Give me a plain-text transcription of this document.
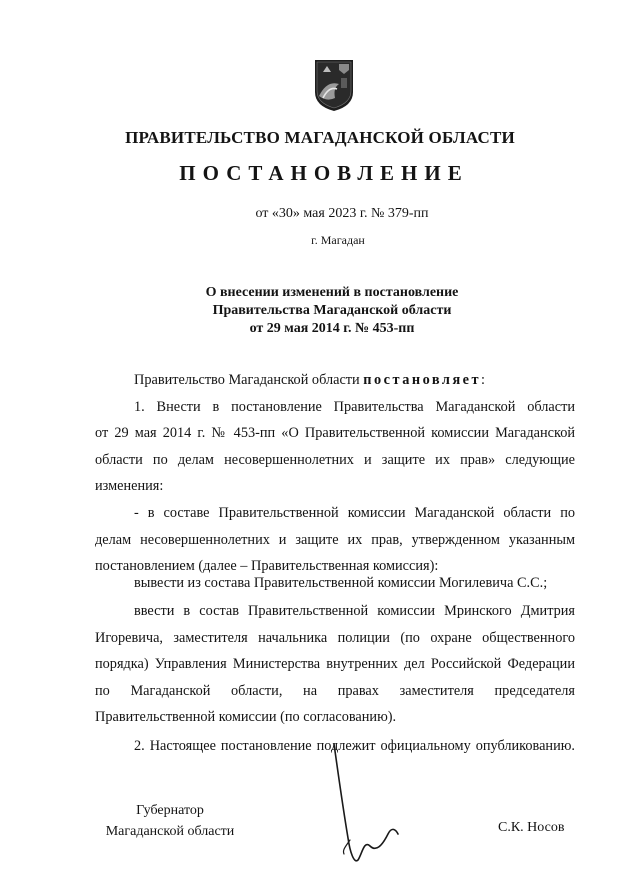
ПРАВИТЕЛЬСТВО МАГАДАНСКОЙ ОБЛАСТИ
ПОСТАНОВЛЕНИЕ
от «30» мая 2023 г. № 379-пп
г. Магадан
О внесении изменений в постановление
Правительства Магаданской области
от 29 мая 2014 г. № 453-пп

Правительство Магаданской области постановляет:

1. Внести в постановление Правительства Магаданской области

от 29 мая 2014 г. № 453-пп «О Правительственной комиссии Магаданской области по делам несовершеннолетних и защите их прав» следующие изменения:

- в составе Правительственной комиссии Магаданской области по делам несовершеннолетних и защите их прав, утвержденном указанным постановлением (далее – Правительственная комиссия):

вывести из состава Правительственной комиссии Могилевича С.С.;

ввести в состав Правительственной комиссии Мринского Дмитрия Игоревича, заместителя начальника полиции (по охране общественного порядка) Управления Министерства внутренних дел Российской Федерации по Магаданской области, на правах заместителя председателя Правительственной комиссии (по согласованию).

2. Настоящее постановление подлежит официальному опубликованию.

Губернатор
Магаданской области	С.К. Носов
